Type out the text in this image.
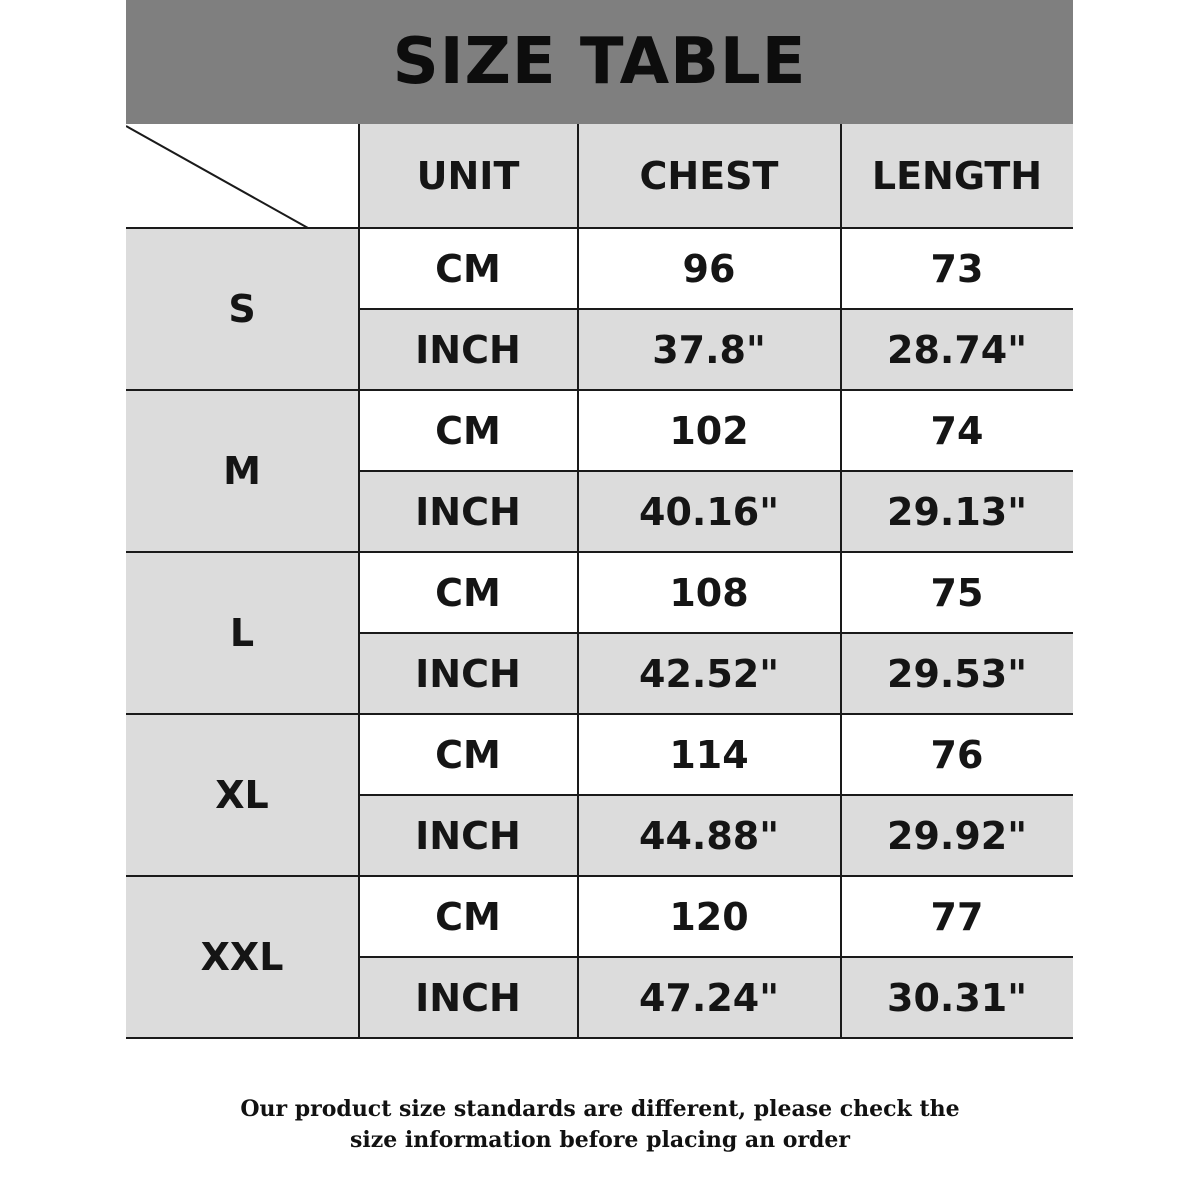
SIZE TABLE
UNIT	CHEST	LENGTH
S
CM	96	73
INCH	37.8"	28.74"
M
CM	102	74
INCH	40.16"	29.13"
L
CM	108	75
INCH	42.52"	29.53"
XL
CM	114	76
INCH	44.88"	29.92"
XXL
CM	120	77
INCH	47.24"	30.31"
Our product size standards are different, please check the
size information before placing an order
